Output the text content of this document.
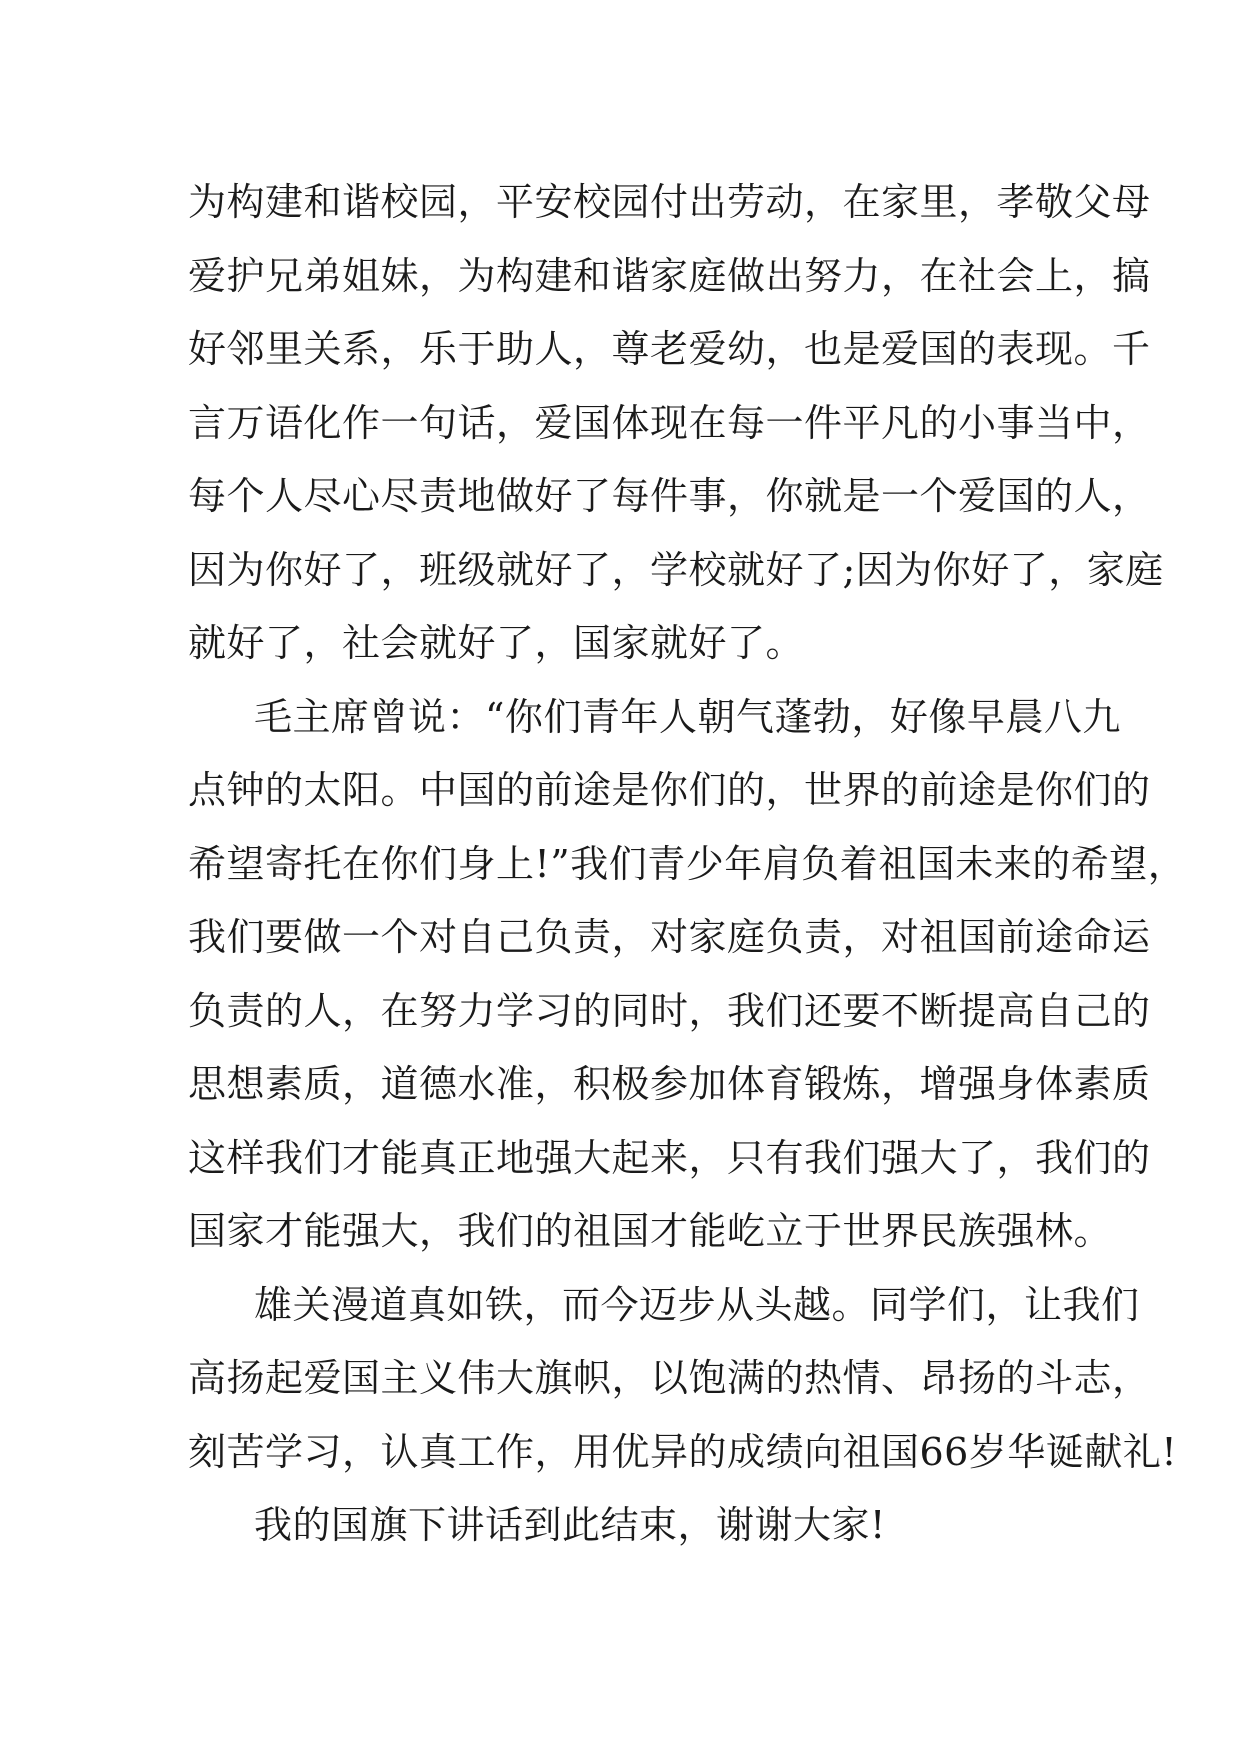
为构建和谐校园，平安校园付出劳动，在家里，孝敬父母
爱护兄弟姐妹，为构建和谐家庭做出努力，在社会上，搞
好邻里关系，乐于助人，尊老爱幼，也是爱国的表现。千
言万语化作一句话，爱国体现在每一件平凡的小事当中，
每个人尽心尽责地做好了每件事，你就是一个爱国的人，
因为你好了，班级就好了，学校就好了;因为你好了，家庭
就好了，社会就好了，国家就好了。
毛主席曾说：“你们青年人朝气蓬勃，好像早晨八九
点钟的太阳。中国的前途是你们的，世界的前途是你们的
希望寄托在你们身上!”我们青少年肩负着祖国未来的希望，
我们要做一个对自己负责，对家庭负责，对祖国前途命运
负责的人，在努力学习的同时，我们还要不断提高自己的
思想素质，道德水准，积极参加体育锻炼，增强身体素质
这样我们才能真正地强大起来，只有我们强大了，我们的
国家才能强大，我们的祖国才能屹立于世界民族强林。
雄关漫道真如铁，而今迈步从头越。同学们，让我们
高扬起爱国主义伟大旗帜，以饱满的热情、昂扬的斗志，
刻苦学习，认真工作，用优异的成绩向祖国66岁华诞献礼!
我的国旗下讲话到此结束，谢谢大家!
